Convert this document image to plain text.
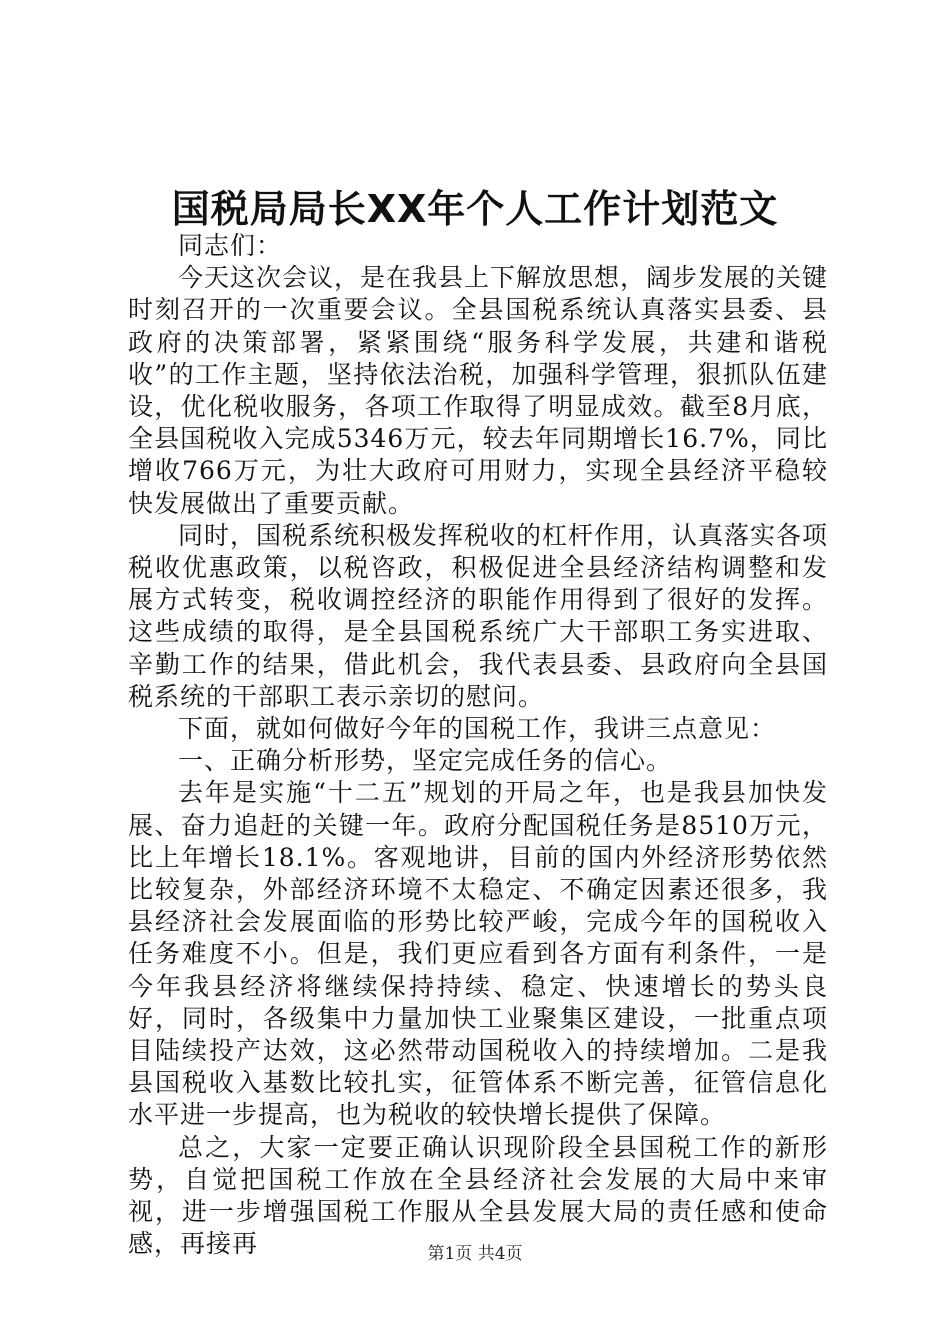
国税局局长XX年个人工作计划范文

同志们：

今天这次会议，是在我县上下解放思想，阔步发展的关键时刻召开的一次重要会议。全县国税系统认真落实县委、县政府的决策部署，紧紧围绕“服务科学发展，共建和谐税收”的工作主题，坚持依法治税，加强科学管理，狠抓队伍建设，优化税收服务，各项工作取得了明显成效。截至8月底，全县国税收入完成5346万元，较去年同期增长16.7%，同比增收766万元，为壮大政府可用财力，实现全县经济平稳较快发展做出了重要贡献。

同时，国税系统积极发挥税收的杠杆作用，认真落实各项税收优惠政策，以税咨政，积极促进全县经济结构调整和发展方式转变，税收调控经济的职能作用得到了很好的发挥。这些成绩的取得，是全县国税系统广大干部职工务实进取、辛勤工作的结果，借此机会，我代表县委、县政府向全县国税系统的干部职工表示亲切的慰问。

下面，就如何做好今年的国税工作，我讲三点意见：

一、正确分析形势，坚定完成任务的信心。

去年是实施“十二五”规划的开局之年，也是我县加快发展、奋力追赶的关键一年。政府分配国税任务是8510万元，比上年增长18.1%。客观地讲，目前的国内外经济形势依然比较复杂，外部经济环境不太稳定、不确定因素还很多，我县经济社会发展面临的形势比较严峻，完成今年的国税收入任务难度不小。但是，我们更应看到各方面有利条件，一是今年我县经济将继续保持持续、稳定、快速增长的势头良好，同时，各级集中力量加快工业聚集区建设，一批重点项目陆续投产达效，这必然带动国税收入的持续增加。二是我县国税收入基数比较扎实，征管体系不断完善，征管信息化水平进一步提高，也为税收的较快增长提供了保障。

总之，大家一定要正确认识现阶段全县国税工作的新形势，自觉把国税工作放在全县经济社会发展的大局中来审视，进一步增强国税工作服从全县发展大局的责任感和使命感，再接再	第1页 共4页
